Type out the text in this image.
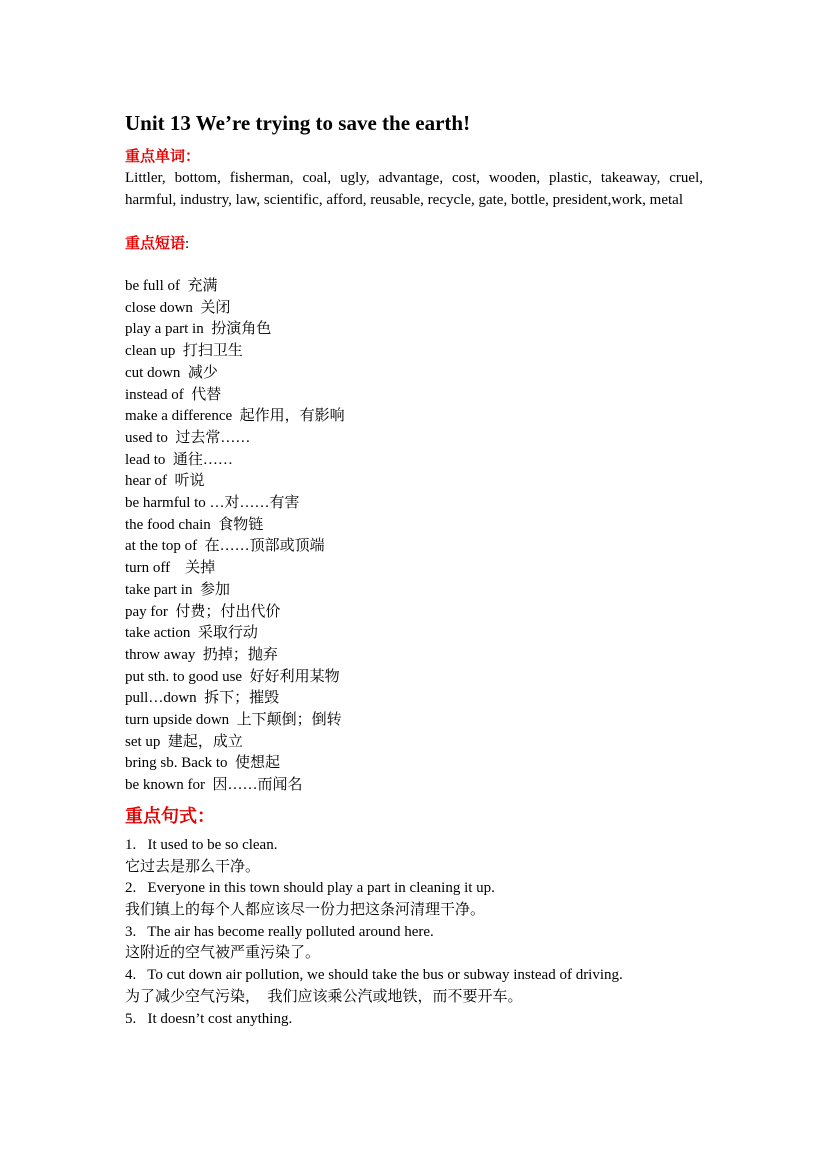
Unit 13 We’re trying to save the earth!
重点单词：
Littler, bottom, fisherman, coal, ugly, advantage, cost, wooden, plastic, takeaway, cruel, harmful, industry, law, scientific, afford, reusable, recycle, gate, bottle, president,work, metal
重点短语:
be full of  充满
close down  关闭
play a part in  扮演角色
clean up  打扫卫生
cut down  减少
instead of  代替
make a difference  起作用，有影响
used to  过去常……
lead to  通往……
hear of  听说
be harmful to …对……有害
the food chain  食物链
at the top of  在……顶部或顶端
turn off    关掉
take part in  参加
pay for  付费；付出代价
take action  采取行动
throw away  扔掉；抛弃
put sth. to good use  好好利用某物
pull…down  拆下；摧毁
turn upside down  上下颠倒；倒转
set up  建起，成立
bring sb. Back to  使想起
be known for  因……而闻名
重点句式：
1.   It used to be so clean.
它过去是那么干净。
2.   Everyone in this town should play a part in cleaning it up.
我们镇上的每个人都应该尽一份力把这条河清理干净。
3.   The air has become really polluted around here.
这附近的空气被严重污染了。
4.   To cut down air pollution, we should take the bus or subway instead of driving.
为了减少空气污染，  我们应该乘公汽或地铁，而不要开车。
5.   It doesn’t cost anything.
